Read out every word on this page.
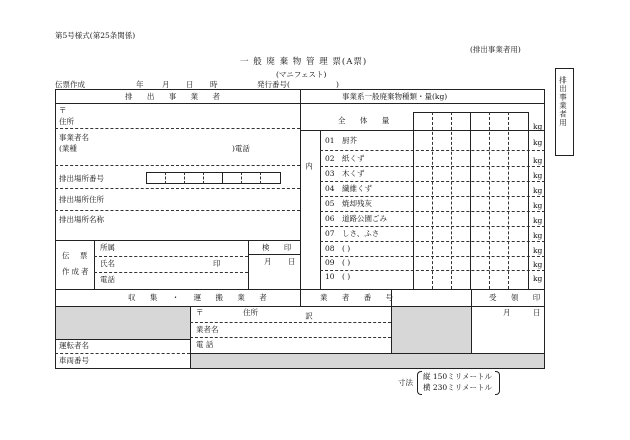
第5号様式(第25条関係)
(排出事業者用)
一 般 廃 棄 物 管 理 票(A票)
(マニフェスト)
排出事業者用
伝票作成	年 月 日 時	発行番号(	)
排 出 事 業 者
〒
住所
事業者名
(業種	)電話
排出場所番号
排出場所住所
排出場所名称
伝 票
作成者
所属
氏名	印
電話
検 印
月 日
事業系一般廃棄物種類・量(kg)
全 体 量
kg
内 訳
01 厨芥	kg
02 紙くず	kg
03 木くず	kg
04 繊維くず	kg
05 焼却残灰	kg
06 道路公園ごみ	kg
07 しさ、ふさ	kg
08 ( )	kg
09 ( )	kg
10 ( )	kg
収 集 ・ 運 搬 業 者	業 者 番 号	受 領 印
月	日
〒	住所
業者名
電 話
運転者名
車両番号
寸法
縦 150ミリメートル
横 230ミリメートル
